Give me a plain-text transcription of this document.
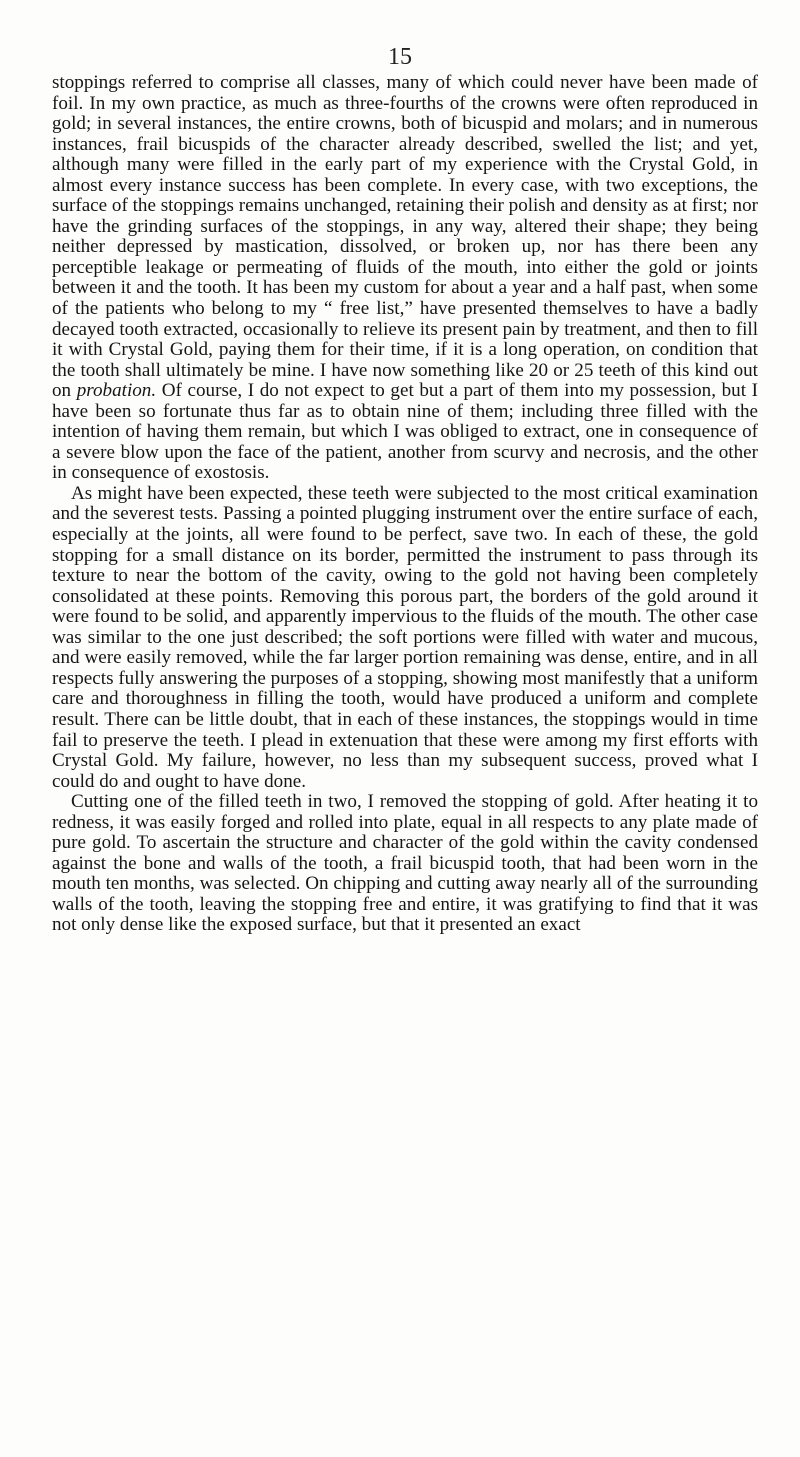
15

stoppings referred to comprise all classes, many of which could never have been made of foil. In my own practice, as much as three-fourths of the crowns were often reproduced in gold; in several instances, the entire crowns, both of bicuspid and molars; and in numerous instances, frail bicuspids of the character already described, swelled the list; and yet, although many were filled in the early part of my experience with the Crystal Gold, in almost every instance success has been complete. In every case, with two exceptions, the surface of the stoppings remains unchanged, retaining their polish and density as at first; nor have the grinding surfaces of the stoppings, in any way, altered their shape; they being neither depressed by mastication, dissolved, or broken up, nor has there been any perceptible leakage or permeating of fluids of the mouth, into either the gold or joints between it and the tooth. It has been my custom for about a year and a half past, when some of the patients who belong to my “ free list,” have presented themselves to have a badly decayed tooth extracted, occasionally to relieve its present pain by treatment, and then to fill it with Crystal Gold, paying them for their time, if it is a long operation, on condition that the tooth shall ultimately be mine. I have now something like 20 or 25 teeth of this kind out on probation. Of course, I do not expect to get but a part of them into my possession, but I have been so fortunate thus far as to obtain nine of them; including three filled with the intention of having them remain, but which I was obliged to extract, one in consequence of a severe blow upon the face of the patient, another from scurvy and necrosis, and the other in consequence of exostosis.

As might have been expected, these teeth were subjected to the most critical examination and the severest tests. Passing a pointed plugging instrument over the entire surface of each, especially at the joints, all were found to be perfect, save two. In each of these, the gold stopping for a small distance on its border, permitted the instrument to pass through its texture to near the bottom of the cavity, owing to the gold not having been completely consolidated at these points. Removing this porous part, the borders of the gold around it were found to be solid, and apparently impervious to the fluids of the mouth. The other case was similar to the one just described; the soft portions were filled with water and mucous, and were easily removed, while the far larger portion remaining was dense, entire, and in all respects fully answering the purposes of a stopping, showing most manifestly that a uniform care and thoroughness in filling the tooth, would have produced a uniform and complete result. There can be little doubt, that in each of these instances, the stoppings would in time fail to preserve the teeth. I plead in extenuation that these were among my first efforts with Crystal Gold. My failure, however, no less than my subsequent success, proved what I could do and ought to have done.

Cutting one of the filled teeth in two, I removed the stopping of gold. After heating it to redness, it was easily forged and rolled into plate, equal in all respects to any plate made of pure gold. To ascertain the structure and character of the gold within the cavity condensed against the bone and walls of the tooth, a frail bicuspid tooth, that had been worn in the mouth ten months, was selected. On chipping and cutting away nearly all of the surrounding walls of the tooth, leaving the stopping free and entire, it was gratifying to find that it was not only dense like the exposed surface, but that it presented an exact
